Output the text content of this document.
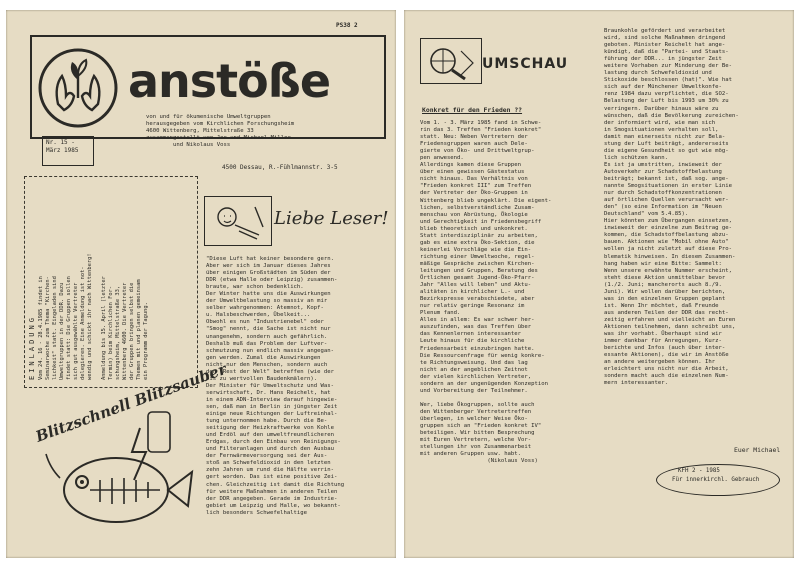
PS38 2
anstöße
Nr. 15 -
März 1985
von und für ökumenische Umweltgruppen
herausgegeben vom Kirchlichen Forschungsheim
4600 Wittenberg, Mittelstraße 33
zusammengestellt von Joe und Michael Miller
und Nikolaus Voss
4500 Dessau, R.-Fühlmannstr. 3-5
EINLADUNG Vom 24. 16 - 28.4.1985 findet in
Seminarwoche zum Thema "Kirchen-
lichkeit" statt. Eingeladen sind
Umweltgruppen in der DDR. Dazu
findet statt: Die Gruppen sollen
sich gut ausgewählte Vertreter
delegieren. Eine Anmeldung ist not-
wendig und schickt ihr nach Wittenberg!

Anmeldung bis 15. April (letzter
Termin) beim Kirchlichen For-
schungsheim, Mittelstraße 33,
Wittenberg 4600. Die Vertreter
der Gruppen bringen selbst die
Themen mit und planen gemeinsam
ein Programm der Tagung.
Blitzschnell Blitzsauber
Liebe Leser!
"Diese Luft hat keiner besondere gern.
Aber wer sich im Januar dieses Jahres
über einigen Großstädten im Süden der
DDR (etwa Halle oder Leipzig) zusammen-
braute, war schon bedenklich.
Der Winter hatte uns die Auswirkungen
der Umweltbelastung so massiv an mir
selber wahrgenommen: Atemnot, Kopf-
u. Halsbeschwerden, Übelkeit...
Obwohl es nun "Industrienebel" oder
"Smog" nennt, die Sache ist nicht nur
unangenehm, sondern auch gefährlich.
Deshalb muß das Problem der Luftver-
schmutzung nun endlich massiv angegan-
gen werden. Zumal die Auswirkungen
nicht nur den Menschen, sondern auch
den "Rest der Welt" betreffen (wie der
bis zu wertvollen Baudenkmälern).
Der Minister für Umweltschutz und Was-
serwirtschaft, Dr. Hans Reichelt, hat
in einem ADN-Interview darauf hingewie-
sen, daß man in Berlin in jüngster Zeit
einige neue Richtungen der Luftreinhal-
tung unternommen habe. Durch die Be-
seitigung der Heizkraftwerke von Kohle
und Erdöl auf den umweltfreundlicheren
Erdgas, durch den Einbau von Reinigungs-
und Filteranlagen und durch den Ausbau
der Fernwärmeversorgung sei der Aus-
stoß an Schwefeldioxid in den letzten
zehn Jahren um rund die Hälfte verrin-
gert worden. Das ist eine positive Zei-
chen. Gleichzeitig ist damit die Richtung
für weitere Maßnahmen in anderen Teilen
der DDR angegeben. Gerade im Industrie-
gebiet um Leipzig und Halle, wo bekannt-
lich besonders Schwefelhaltige
UMSCHAU
Konkret für den Frieden ??
Vom 1. - 3. März 1985 fand in Schwe-
rin das 3. Treffen "Frieden konkret"
statt. Neu: Neben Vertretern der
Friedensgruppen waren auch Dele-
gierte von Öko- und Drittweltgrup-
pen anwesend.
Allerdings kamen diese Gruppen
über einen gewissen Gästestatus
nicht hinaus. Das Verhältnis von
"Frieden konkret III" zum Treffen
der Vertreter der Öko-Gruppen in
Wittenberg blieb ungeklärt. Die eigent-
lichen, selbstverständliche Zusam-
menschau von Abrüstung, Ökologie
und Gerechtigkeit in Friedensbegriff
blieb theoretisch und unkonkret.
Statt interdisziplinär zu arbeiten,
gab es eine extra Öko-Sektion, die
keinerlei Vorschläge wie die Ein-
richtung einer Umweltwoche, regel-
mäßige Gespräche zwischen Kirchen-
leitungen und Gruppen, Beratung des
Örtlichen gesamt Jugend-Öko-Pfarr-
Jahr "Alles will leben" und Aktu-
alitäten in kirchlicher L.- und
Bezirkspresse verabschiedete, aber
nur relativ geringe Resonanz im
Plenum fand.
Alles in allem: Es war schwer her-
auszufinden, was das Treffen über
das Kennenlernen interessanter
Leute hinaus für die kirchliche
Friedensarbeit einzubringen hatte.
Die Ressourcenfrage für wenig konkre-
te Richtungsweisung. Und das lag
nicht an der angeblichen Zeitnot
der vielen kirchlichen Vertreter,
sondern an der ungenügenden Konzeption
und Vorbereitung der Teilnehmer.

Wer, liebe Ökogruppen, sollte auch
den Wittenberger Vertretertreffen
überlegen, in welcher Weise Öko-
gruppen sich an "Frieden konkret IV"
beteiligen. Wir bitten Besprechung
mit Euren Vertretern, welche Vor-
stellungen ihr von Zusammenarbeit
mit anderen Gruppen usw. habt.
(Nikolaus Voss)
Braunkohle gefördert und verarbeitet
wird, sind solche Maßnahmen dringend
geboten. Minister Reichelt hat ange-
kündigt, daß die "Partei- und Staats-
führung der DDR... in jüngster Zeit
weitere Vorhaben zur Minderung der Be-
lastung durch Schwefeldioxid und
Stickoxide beschlossen (hat)". Wie hat
sich auf der Münchener Umweltkonfe-
renz 1984 dazu verpflichtet, die SO2-
Belastung der Luft bis 1993 um 30% zu
verringern. Darüber hinaus wäre zu
wünschen, daß die Bevölkerung zureichen-
der informiert wird, wie man sich
in Smogsituationen verhalten soll,
damit man einerseits nicht zur Bela-
stung der Luft beiträgt, andererseits
die eigene Gesundheit so gut wie mög-
lich schützen kann.
Es ist ja umstritten, inwieweit der
Autoverkehr zur Schadstoffbelastung
beiträgt; bekannt ist, daß sog. ange-
nannte Smogsituationen in erster Linie
nur durch Schadstoffkonzentrationen
auf örtlichen Quellen verursacht wer-
den" (so eine Information im "Neuen
Deutschland" vom 5.4.85).
Hier könnten zum Übergangen einsetzen,
inwieweit der einzelne zum Beitrag ge-
kommen, die Schadstoffbelastung abzu-
bauen. Aktionen wie "Mobil ohne Auto"
wollen ja nicht zuletzt auf diese Pro-
blematik hinweisen. In diesem Zusammen-
hang haben wir eine Bitte: Sammelt:
Wenn unsere erwähnte Nummer erscheint,
steht diese Aktion unmittelbar bevor
(1./2. Juni; mancherorts auch 8./9.
Juni). Wir wollen darüber berichten,
was in den einzelnen Gruppen geplant
ist. Wenn Ihr möchtet, daß Freunde
aus anderen Teilen der DDR das recht-
zeitig erfahren und vielleicht an Euren
Aktionen teilnehmen, dann schreibt uns,
was ihr vorhabt. Überhaupt sind wir
immer dankbar für Anregungen, Kurz-
berichte und Infos (auch über inter-
essante Aktionen), die wir im Anstöße
an andere weitergeben können. Ihr
erleichtert uns nicht nur die Arbeit,
sondern macht auch die einzelnen Num-
mern interessanter.
Euer Michael
KFH 2 - 1985
Für innerkirchl. Gebrauch
